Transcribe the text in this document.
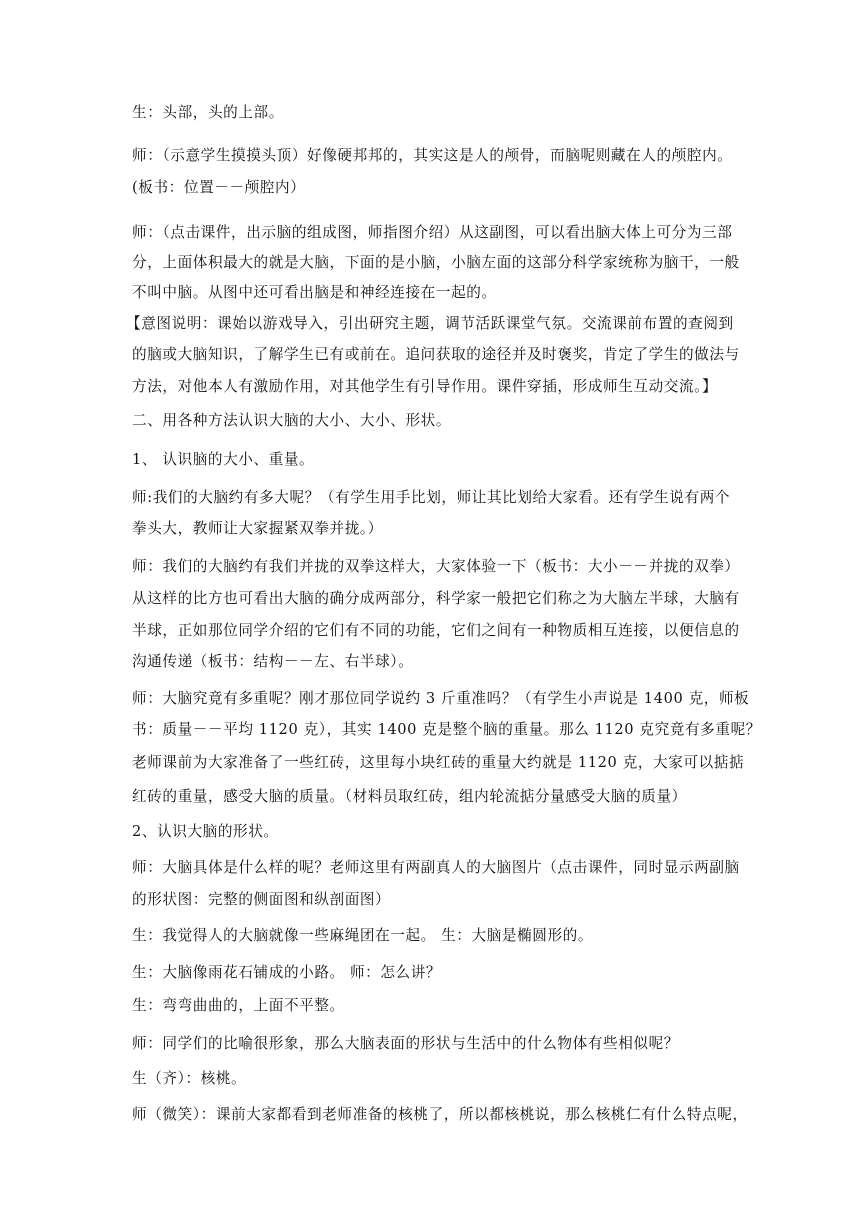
生：头部，头的上部。
师：（示意学生摸摸头顶）好像硬邦邦的，其实这是人的颅骨，而脑呢则藏在人的颅腔内。
(板书：位置－－颅腔内）
师：（点击课件，出示脑的组成图，师指图介绍）从这副图，可以看出脑大体上可分为三部
分，上面体积最大的就是大脑，下面的是小脑，小脑左面的这部分科学家统称为脑干，一般
不叫中脑。从图中还可看出脑是和神经连接在一起的。
【意图说明：课始以游戏导入，引出研究主题，调节活跃课堂气氛。交流课前布置的查阅到
的脑或大脑知识，了解学生已有或前在。追问获取的途径并及时褒奖，肯定了学生的做法与
方法，对他本人有激励作用，对其他学生有引导作用。课件穿插，形成师生互动交流。】
二、用各种方法认识大脑的大小、大小、形状。
1、 认识脑的大小、重量。
师:我们的大脑约有多大呢？（有学生用手比划，师让其比划给大家看。还有学生说有两个
拳头大，教师让大家握紧双拳并拢。）
师：我们的大脑约有我们并拢的双拳这样大，大家体验一下（板书：大小－－并拢的双拳）
从这样的比方也可看出大脑的确分成两部分，科学家一般把它们称之为大脑左半球，大脑有
半球，正如那位同学介绍的它们有不同的功能，它们之间有一种物质相互连接，以便信息的
沟通传递（板书：结构－－左、右半球）。
师：大脑究竟有多重呢？刚才那位同学说约 3 斤重准吗？（有学生小声说是 1400 克，师板
书：质量－－平均 1120 克），其实 1400 克是整个脑的重量。那么 1120 克究竟有多重呢？
老师课前为大家准备了一些红砖，这里每小块红砖的重量大约就是 1120 克，大家可以掂掂
红砖的重量，感受大脑的质量。（材料员取红砖，组内轮流掂分量感受大脑的质量）
2、认识大脑的形状。
师：大脑具体是什么样的呢？老师这里有两副真人的大脑图片（点击课件，同时显示两副脑
的形状图：完整的侧面图和纵剖面图）
生：我觉得人的大脑就像一些麻绳团在一起。 生：大脑是椭圆形的。
生：大脑像雨花石铺成的小路。 师：怎么讲？
生：弯弯曲曲的，上面不平整。
师：同学们的比喻很形象，那么大脑表面的形状与生活中的什么物体有些相似呢？
生（齐）：核桃。
师（微笑）：课前大家都看到老师准备的核桃了，所以都核桃说，那么核桃仁有什么特点呢，
